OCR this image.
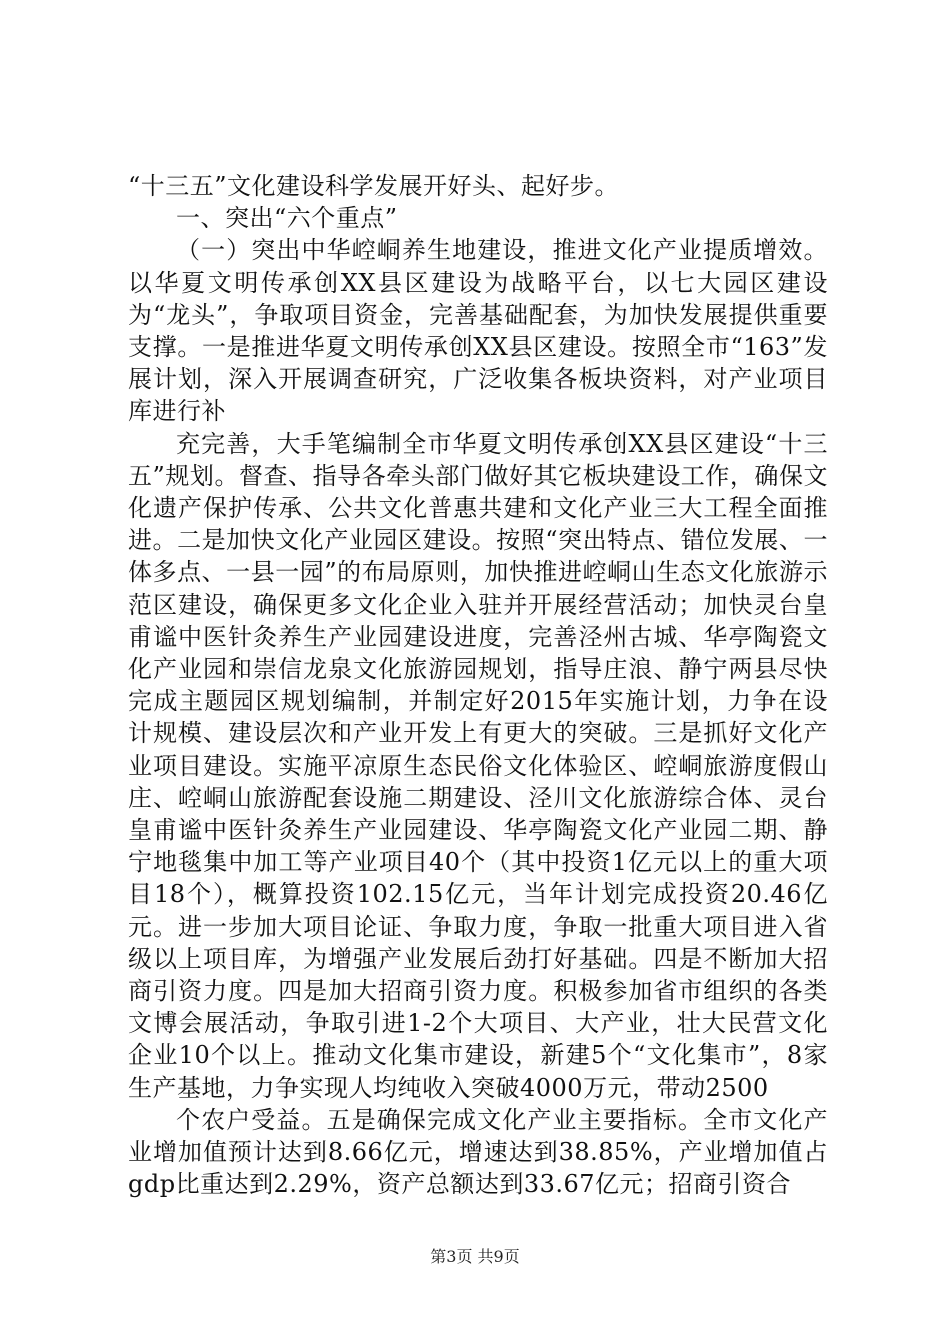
“十三五”文化建设科学发展开好头、起好步。

一、突出“六个重点”

（一）突出中华崆峒养生地建设，推进文化产业提质增效。以华夏文明传承创XX县区建设为战略平台，以七大园区建设为“龙头”，争取项目资金，完善基础配套，为加快发展提供重要支撑。一是推进华夏文明传承创XX县区建设。按照全市“163”发展计划，深入开展调查研究，广泛收集各板块资料，对产业项目库进行补

充完善，大手笔编制全市华夏文明传承创XX县区建设“十三五”规划。督查、指导各牵头部门做好其它板块建设工作，确保文化遗产保护传承、公共文化普惠共建和文化产业三大工程全面推进。二是加快文化产业园区建设。按照“突出特点、错位发展、一体多点、一县一园”的布局原则，加快推进崆峒山生态文化旅游示范区建设，确保更多文化企业入驻并开展经营活动；加快灵台皇甫谧中医针灸养生产业园建设进度，完善泾州古城、华亭陶瓷文化产业园和崇信龙泉文化旅游园规划，指导庄浪、静宁两县尽快完成主题园区规划编制，并制定好2015年实施计划，力争在设计规模、建设层次和产业开发上有更大的突破。三是抓好文化产业项目建设。实施平凉原生态民俗文化体验区、崆峒旅游度假山庄、崆峒山旅游配套设施二期建设、泾川文化旅游综合体、灵台皇甫谧中医针灸养生产业园建设、华亭陶瓷文化产业园二期、静宁地毯集中加工等产业项目40个（其中投资1亿元以上的重大项目18个），概算投资102.15亿元，当年计划完成投资20.46亿元。进一步加大项目论证、争取力度，争取一批重大项目进入省级以上项目库，为增强产业发展后劲打好基础。四是不断加大招商引资力度。四是加大招商引资力度。积极参加省市组织的各类文博会展活动，争取引进1-2个大项目、大产业，壮大民营文化企业10个以上。推动文化集市建设，新建5个“文化集市”，8家生产基地，力争实现人均纯收入突破4000万元，带动2500

个农户受益。五是确保完成文化产业主要指标。全市文化产业增加值预计达到8.66亿元，增速达到38.85%，产业增加值占gdp比重达到2.29%，资产总额达到33.67亿元；招商引资合

第3页 共9页
